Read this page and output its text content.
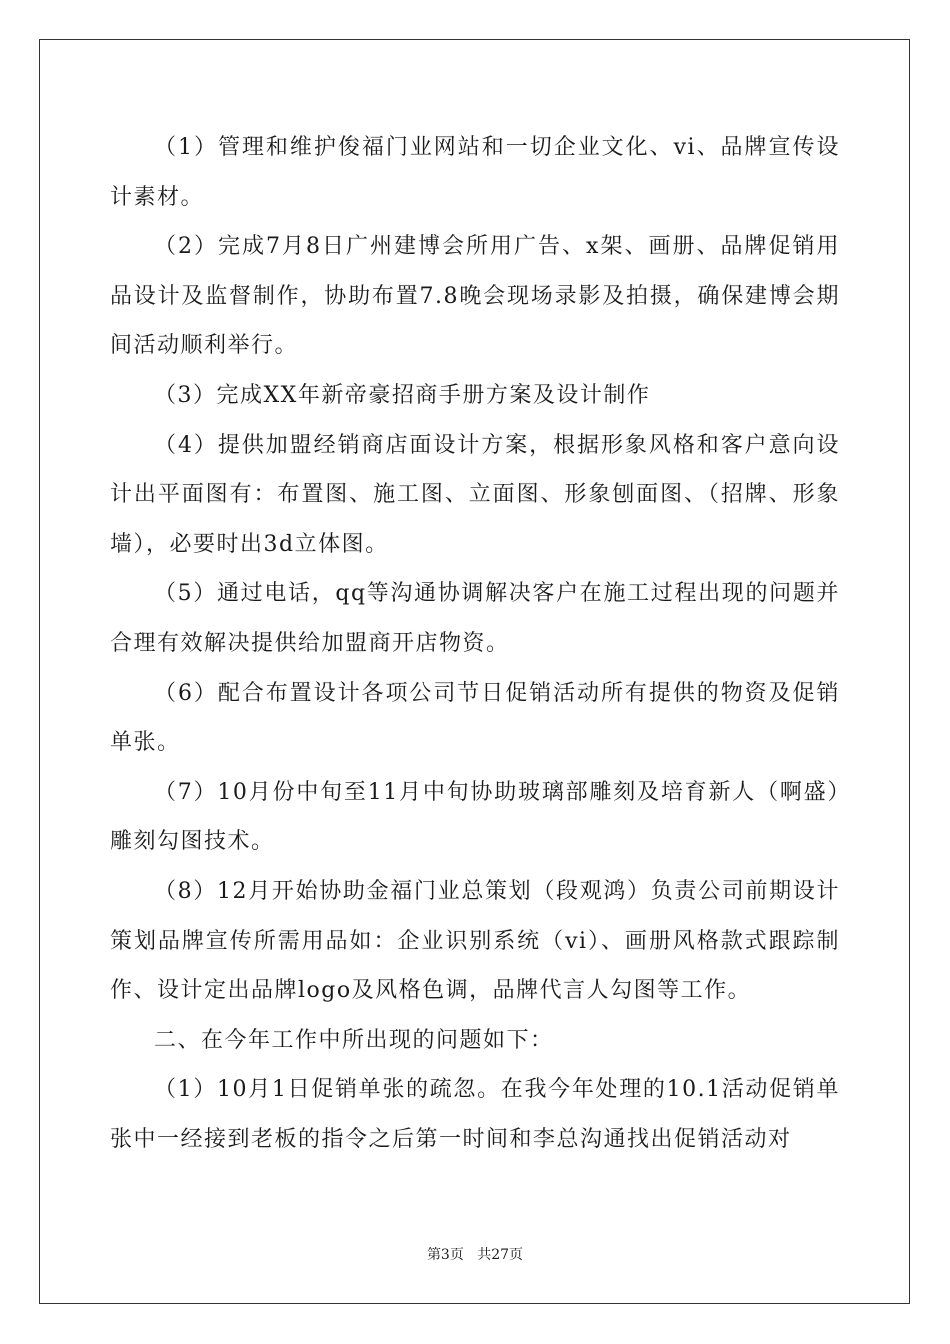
（1）管理和维护俊福门业网站和一切企业文化、vi、品牌宣传设计素材。

（2）完成7月8日广州建博会所用广告、x架、画册、品牌促销用品设计及监督制作，协助布置7.8晚会现场录影及拍摄，确保建博会期间活动顺利举行。

（3）完成XX年新帝豪招商手册方案及设计制作

（4）提供加盟经销商店面设计方案，根据形象风格和客户意向设计出平面图有：布置图、施工图、立面图、形象刨面图、（招牌、形象墙），必要时出3d立体图。

（5）通过电话，qq等沟通协调解决客户在施工过程出现的问题并合理有效解决提供给加盟商开店物资。

（6）配合布置设计各项公司节日促销活动所有提供的物资及促销单张。

（7）10月份中旬至11月中旬协助玻璃部雕刻及培育新人（啊盛）雕刻勾图技术。

（8）12月开始协助金福门业总策划（段观鸿）负责公司前期设计策划品牌宣传所需用品如：企业识别系统（vi）、画册风格款式跟踪制作、设计定出品牌logo及风格色调，品牌代言人勾图等工作。

二、在今年工作中所出现的问题如下：

（1）10月1日促销单张的疏忽。在我今年处理的10.1活动促销单张中一经接到老板的指令之后第一时间和李总沟通找出促销活动对

第3页 共27页
